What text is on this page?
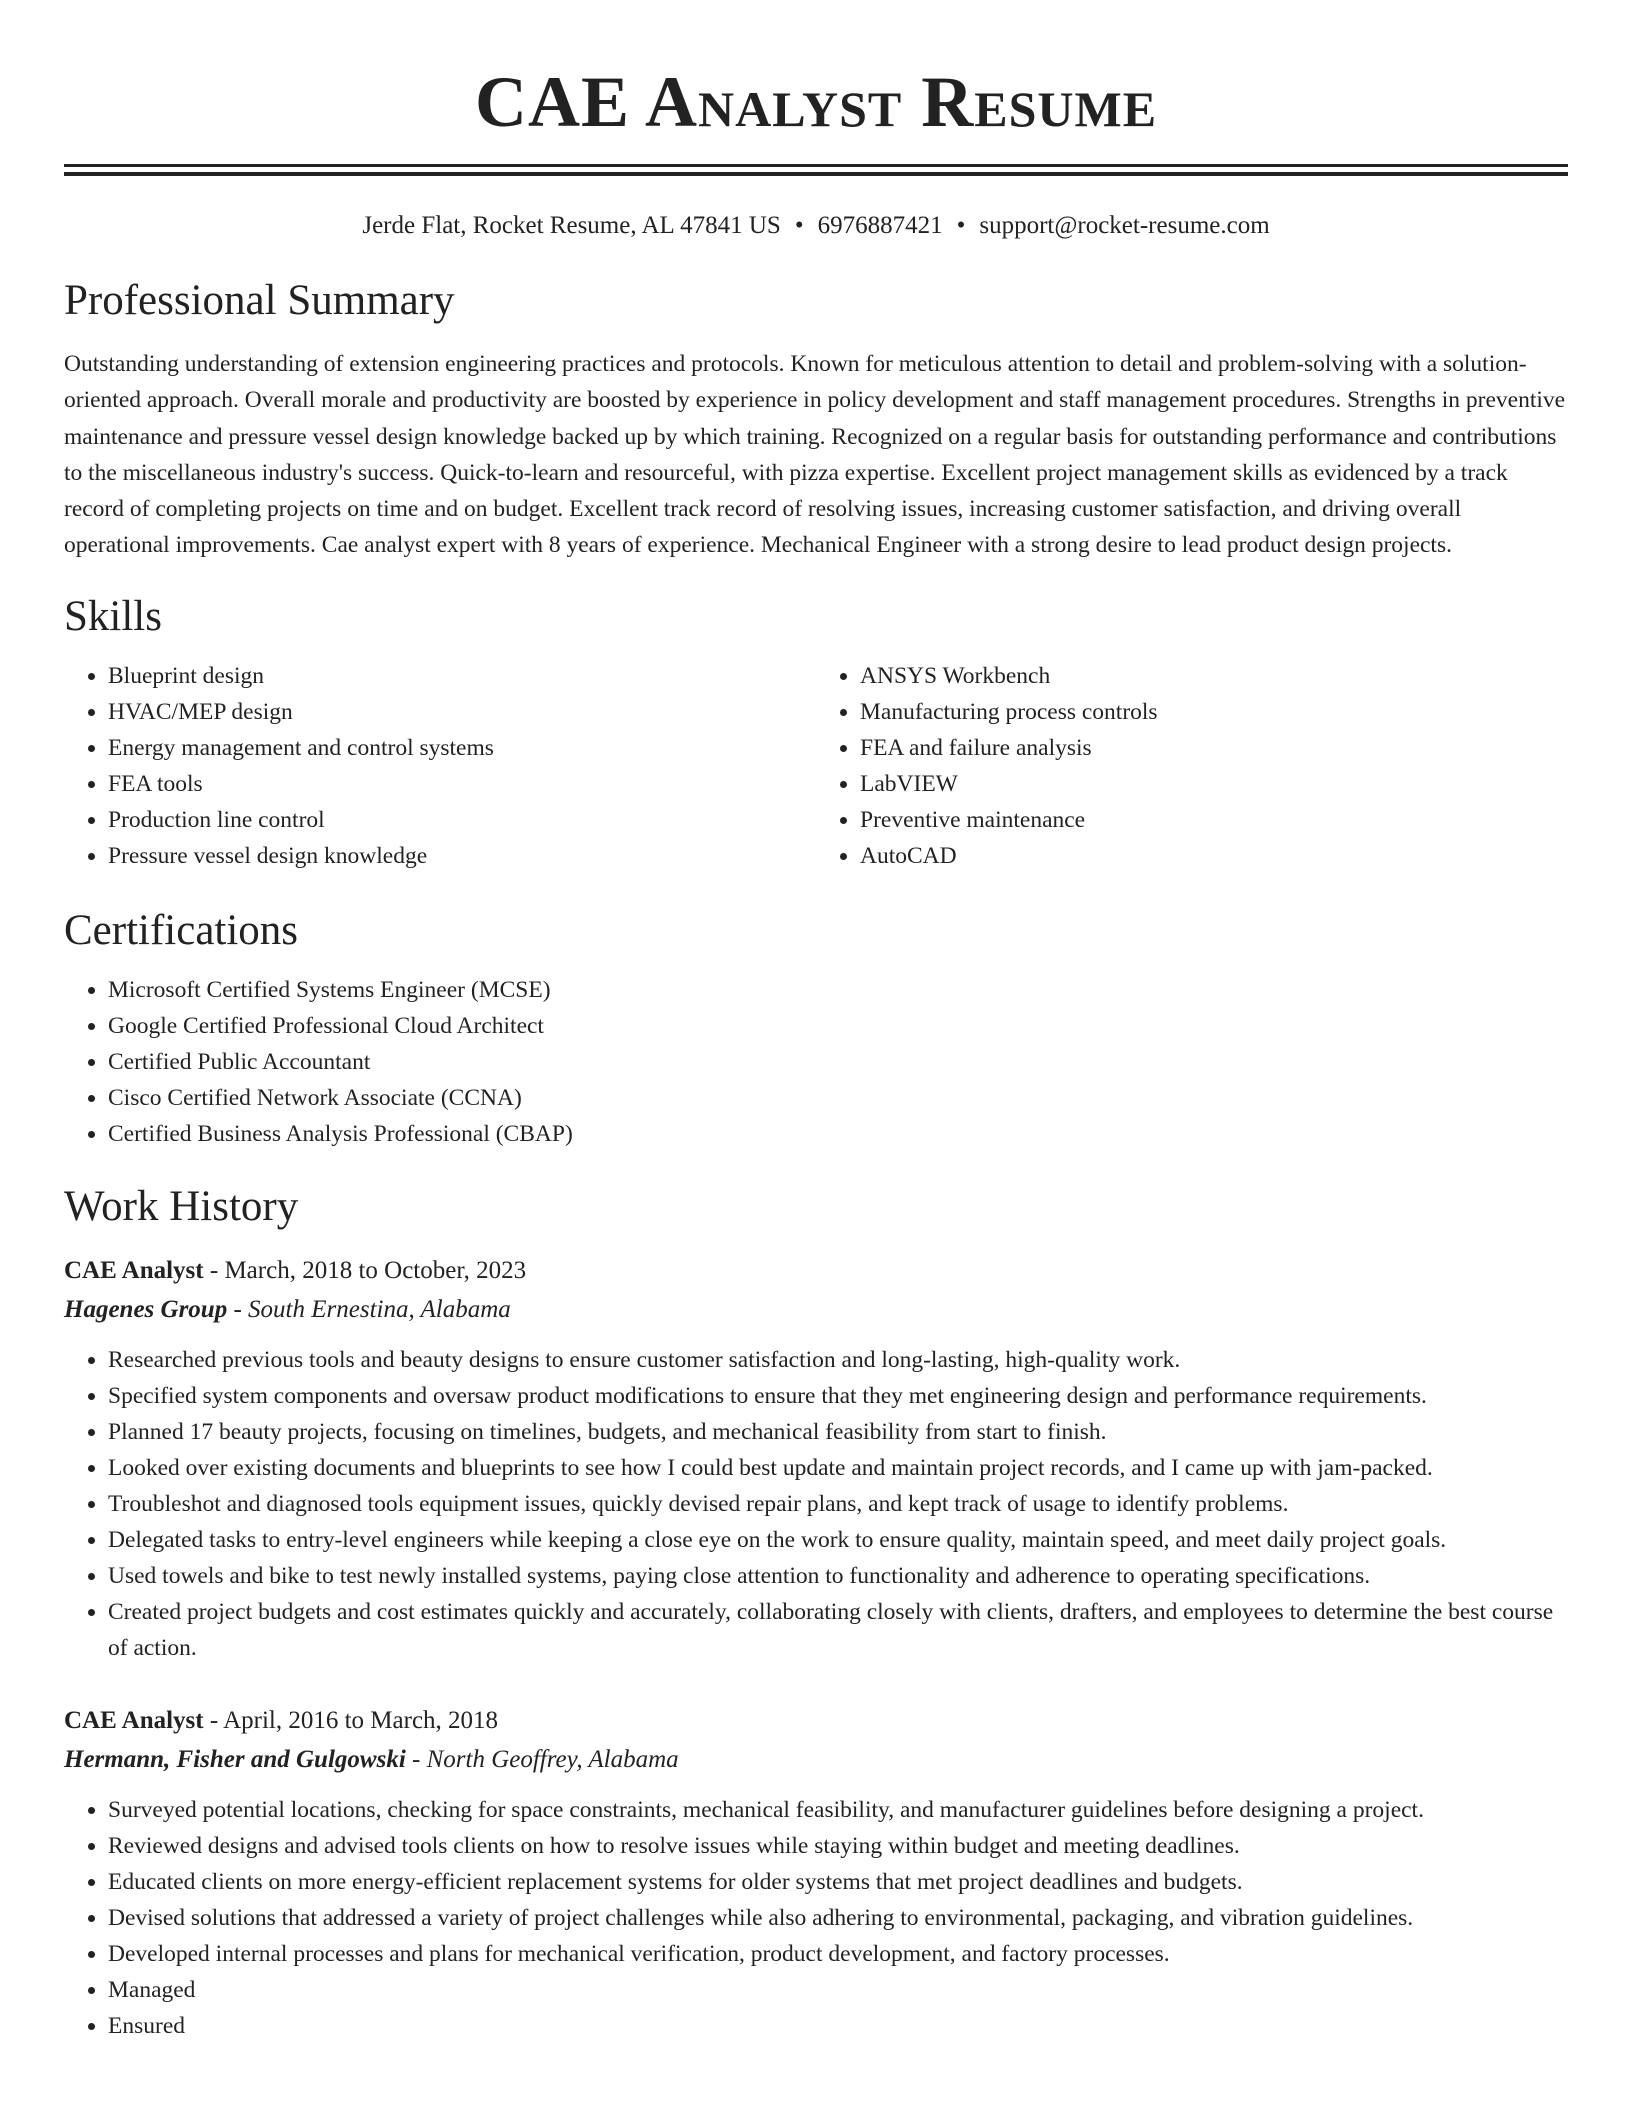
CAE Analyst Resume
Jerde Flat, Rocket Resume, AL 47841 US • 6976887421 • support@rocket-resume.com
Professional Summary

Outstanding understanding of extension engineering practices and protocols. Known for meticulous attention to detail and problem-solving with a solution-oriented approach. Overall morale and productivity are boosted by experience in policy development and staff management procedures. Strengths in preventive maintenance and pressure vessel design knowledge backed up by which training. Recognized on a regular basis for outstanding performance and contributions to the miscellaneous industry's success. Quick-to-learn and resourceful, with pizza expertise. Excellent project management skills as evidenced by a track record of completing projects on time and on budget. Excellent track record of resolving issues, increasing customer satisfaction, and driving overall operational improvements. Cae analyst expert with 8 years of experience. Mechanical Engineer with a strong desire to lead product design projects.

Skills
• Blueprint design
• HVAC/MEP design
• Energy management and control systems
• FEA tools
• Production line control
• Pressure vessel design knowledge
• ANSYS Workbench
• Manufacturing process controls
• FEA and failure analysis
• LabVIEW
• Preventive maintenance
• AutoCAD
Certifications
• Microsoft Certified Systems Engineer (MCSE)
• Google Certified Professional Cloud Architect
• Certified Public Accountant
• Cisco Certified Network Associate (CCNA)
• Certified Business Analysis Professional (CBAP)
Work History
CAE Analyst - March, 2018 to October, 2023
Hagenes Group - South Ernestina, Alabama
• Researched previous tools and beauty designs to ensure customer satisfaction and long-lasting, high-quality work.
• Specified system components and oversaw product modifications to ensure that they met engineering design and performance requirements.
• Planned 17 beauty projects, focusing on timelines, budgets, and mechanical feasibility from start to finish.
• Looked over existing documents and blueprints to see how I could best update and maintain project records, and I came up with jam-packed.
• Troubleshot and diagnosed tools equipment issues, quickly devised repair plans, and kept track of usage to identify problems.
• Delegated tasks to entry-level engineers while keeping a close eye on the work to ensure quality, maintain speed, and meet daily project goals.
• Used towels and bike to test newly installed systems, paying close attention to functionality and adherence to operating specifications.
• Created project budgets and cost estimates quickly and accurately, collaborating closely with clients, drafters, and employees to determine the best course of action.
CAE Analyst - April, 2016 to March, 2018
Hermann, Fisher and Gulgowski - North Geoffrey, Alabama
• Surveyed potential locations, checking for space constraints, mechanical feasibility, and manufacturer guidelines before designing a project.
• Reviewed designs and advised tools clients on how to resolve issues while staying within budget and meeting deadlines.
• Educated clients on more energy-efficient replacement systems for older systems that met project deadlines and budgets.
• Devised solutions that addressed a variety of project challenges while also adhering to environmental, packaging, and vibration guidelines.
• Developed internal processes and plans for mechanical verification, product development, and factory processes.
• Managed
• Ensured
